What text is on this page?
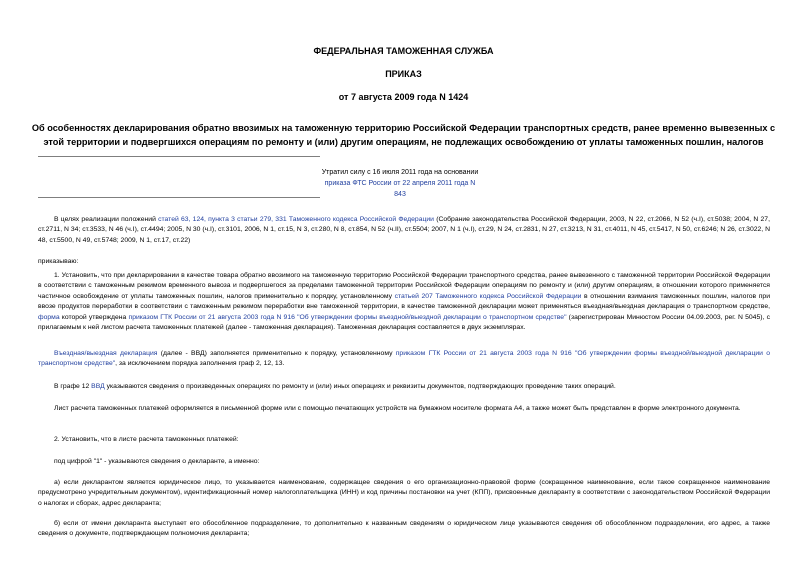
ФЕДЕРАЛЬНАЯ ТАМОЖЕННАЯ СЛУЖБА
ПРИКАЗ
от 7 августа 2009 года N 1424
Об особенностях декларирования обратно ввозимых на таможенную территорию Российской Федерации транспортных средств, ранее временно вывезенных с
этой территории и подвергшихся операциям по ремонту и (или) другим операциям, не подлежащих освобождению от уплаты таможенных пошлин, налогов
Утратил силу с 16 июля 2011 года на основании
приказа ФТС России от 22 апреля 2011 года N 843
В целях реализации положений статей 63, 124, пункта 3 статьи 279, 331 Таможенного кодекса Российской Федерации (Собрание законодательства Российской Федерации, 2003, N 22, ст.2066, N 52 (ч.I), ст.5038; 2004, N 27, ст.2711, N 34; ст.3533, N 46 (ч.I), ст.4494; 2005, N 30 (ч.I), ст.3101, 2006, N 1, ст.15, N 3, ст.280, N 8, ст.854, N 52 (ч.II), ст.5504; 2007, N 1 (ч.I), ст.29, N 24, ст.2831, N 27, ст.3213, N 31, ст.4011, N 45, ст.5417, N 50, ст.6246; N 26, ст.3022, N 48, ст.5500, N 49, ст.5748; 2009, N 1, ст.17, ст.22)
приказываю:
1. Установить, что при декларировании в качестве товара обратно ввозимого на таможенную территорию Российской Федерации транспортного средства, ранее вывезенного с таможенной территории Российской Федерации в соответствии с таможенным режимом временного вывоза и подвергшегося за пределами таможенной территории Российской Федерации операциям по ремонту и (или) другим операциям, в отношении которого применяется частичное освобождение от уплаты таможенных пошлин, налогов применительно к порядку, установленному статьей 207 Таможенного кодекса Российской Федерации в отношении взимания таможенных пошлин, налогов при ввозе продуктов переработки в соответствии с таможенным режимом переработки вне таможенной территории, в качестве таможенной декларации может применяться въездная/выездная декларация о транспортном средстве, форма которой утверждена приказом ГТК России от 21 августа 2003 года N 916 "Об утверждении формы въездной/выездной декларации о транспортном средстве" (зарегистрирован Минюстом России 04.09.2003, рег. N 5045), с прилагаемым к ней листом расчета таможенных платежей (далее - таможенная декларация). Таможенная декларация составляется в двух экземплярах.
Въездная/выездная декларация (далее - ВВД) заполняется применительно к порядку, установленному приказом ГТК России от 21 августа 2003 года N 916 "Об утверждении формы въездной/выездной декларации о транспортном средстве", за исключением порядка заполнения граф 2, 12, 13.
В графе 12 ВВД указываются сведения о произведенных операциях по ремонту и (или) иных операциях и реквизиты документов, подтверждающих проведение таких операций.
Лист расчета таможенных платежей оформляется в письменной форме или с помощью печатающих устройств на бумажном носителе формата А4, а также может быть представлен в форме электронного документа.
2. Установить, что в листе расчета таможенных платежей:
под цифрой "1" - указываются сведения о декларанте, а именно:
а) если декларантом является юридическое лицо, то указывается наименование, содержащее сведения о его организационно-правовой форме (сокращенное наименование, если такое сокращенное наименование предусмотрено учредительным документом), идентификационный номер налогоплательщика (ИНН) и код причины постановки на учет (КПП), присвоенные декларанту в соответствии с законодательством Российской Федерации о налогах и сборах, адрес декларанта;
б) если от имени декларанта выступает его обособленное подразделение, то дополнительно к названным сведениям о юридическом лице указываются сведения об обособленном подразделении, его адрес, а также сведения о документе, подтверждающем полномочия декларанта;
